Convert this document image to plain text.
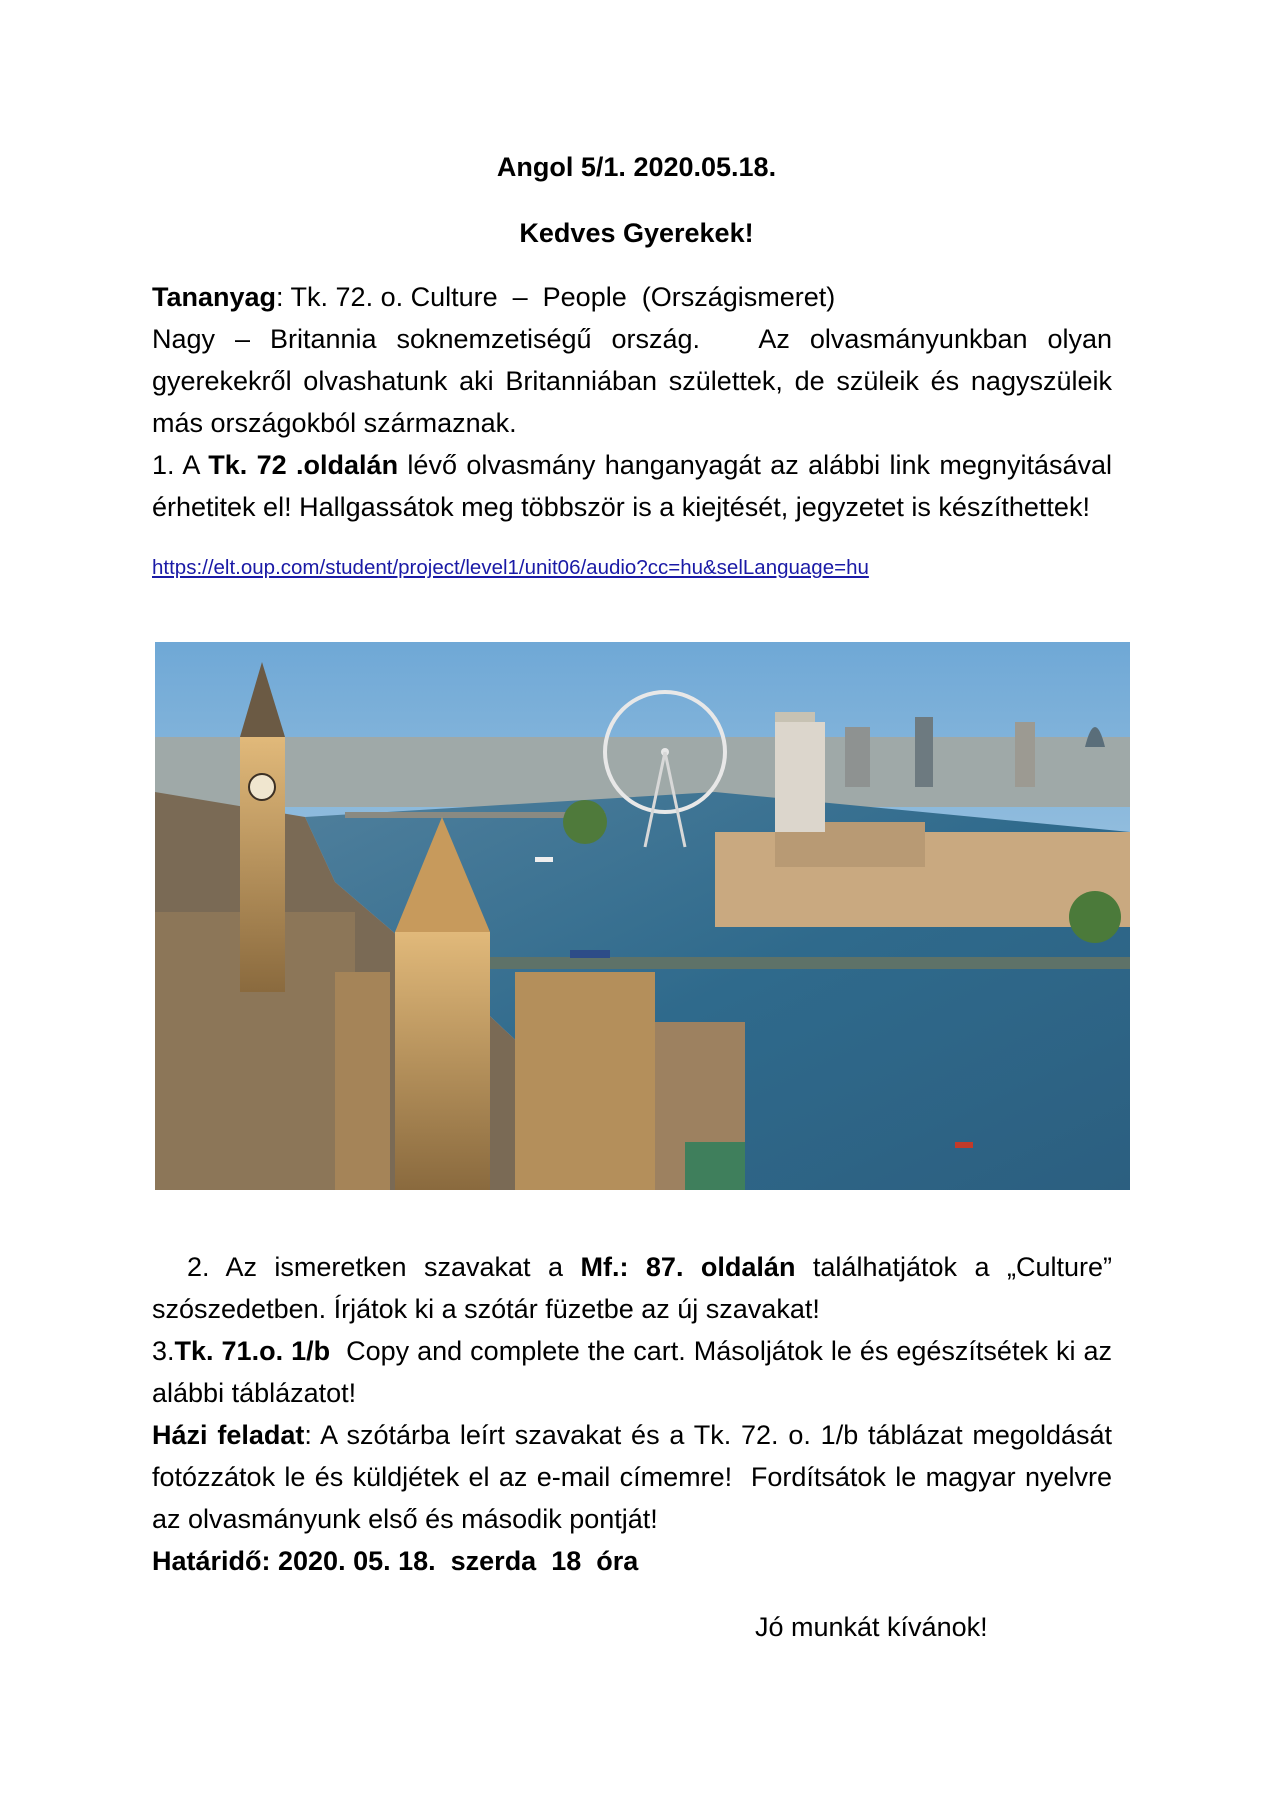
Angol 5/1. 2020.05.18.
Kedves Gyerekek!

Tananyag: Tk. 72. o. Culture  –  People  (Országismeret)

Nagy – Britannia soknemzetiségű ország.   Az olvasmányunkban olyan gyerekekről olvashatunk aki Britanniában születtek, de szüleik és nagyszüleik más országokból származnak.

1. A Tk. 72 .oldalán lévő olvasmány hanganyagát az alábbi link megnyitásával érhetitek el! Hallgassátok meg többször is a kiejtését, jegyzetet is készíthettek!

https://elt.oup.com/student/project/level1/unit06/audio?cc=hu&selLanguage=hu

2. Az ismeretken szavakat a Mf.: 87. oldalán találhatjátok a „Culture” szószedetben. Írjátok ki a szótár füzetbe az új szavakat!

3.Tk. 71.o. 1/b  Copy and complete the cart. Másoljátok le és egészítsétek ki az alábbi táblázatot!

Házi feladat: A szótárba leírt szavakat és a Tk. 72. o. 1/b táblázat megoldását fotózzátok le és küldjétek el az e-mail címemre!  Fordítsátok le magyar nyelvre az olvasmányunk első és második pontját!

Határidő: 2020. 05. 18.  szerda  18  óra

Jó munkát kívánok!
